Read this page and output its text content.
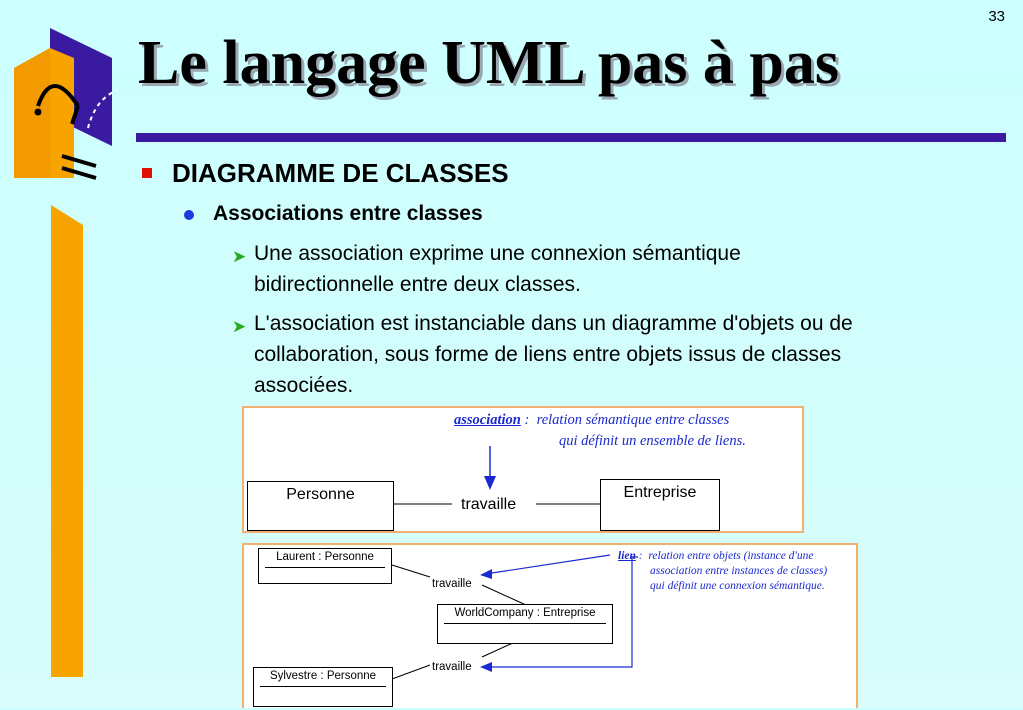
33
Le langage UML pas à pas
DIAGRAMME DE CLASSES
Associations entre classes
➤ Une association exprime une connexion sémantique
bidirectionnelle entre deux classes.
➤ L'association est instanciable dans un diagramme d'objets ou de
collaboration, sous forme de liens entre objets issus de classes
associées.
association : relation sémantique entre classes
qui définit un ensemble de liens.
Personne	Entreprise
travaille
Laurent : Personne
WorldCompany : Entreprise
Sylvestre : Personne
travaille
travaille
lien : relation entre objets (instance d'une
association entre instances de classes)
qui définit une connexion sémantique.
